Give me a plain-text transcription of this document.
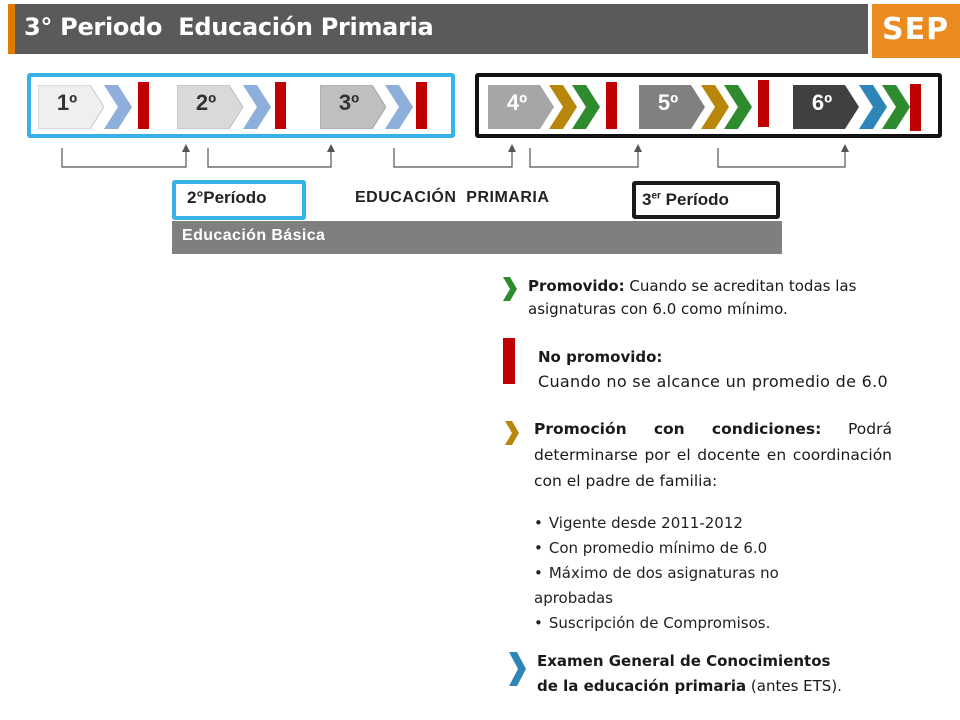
3° Periodo  Educación Primaria	SEP
1º	2º	3º	4º	5º	6º
2°Período	EDUCACIÓN  PRIMARIA	3er Período
Educación Básica
Promovido: Cuando se acreditan todas las asignaturas con 6.0 como mínimo.
No promovido:
Cuando no se alcance un promedio de 6.0
Promoción con condiciones: Podrá determinarse por el docente en coordinación con el padre de familia:
• Vigente desde 2011-2012
• Con promedio mínimo de 6.0
• Máximo de dos asignaturas no aprobadas
• Suscripción de Compromisos.
Examen General de Conocimientos
de la educación primaria (antes ETS).
